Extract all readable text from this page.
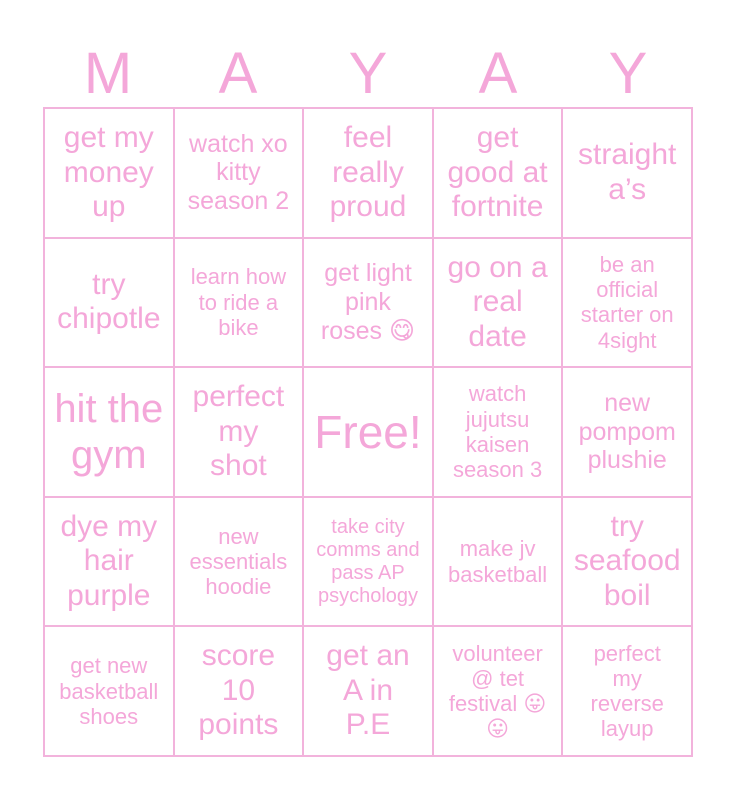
M	A	Y	A	Y
get my
money
up
watch xo
kitty
season 2
feel
really
proud
get
good at
fortnite
straight
a’s
try
chipotle
learn how
to ride a
bike
get light
pink
roses 😋
go on a
real
date
be an
official
starter on
4sight
hit the
gym
perfect
my
shot
Free!
watch
jujutsu
kaisen
season 3
new
pompom
plushie
dye my
hair
purple
new
essentials
hoodie
take city
comms and
pass AP
psychology
make jv
basketball
try
seafood
boil
get new
basketball
shoes
score
10
points
get an
A in
P.E
volunteer
@ tet
festival 😛
😛
perfect
my
reverse
layup
